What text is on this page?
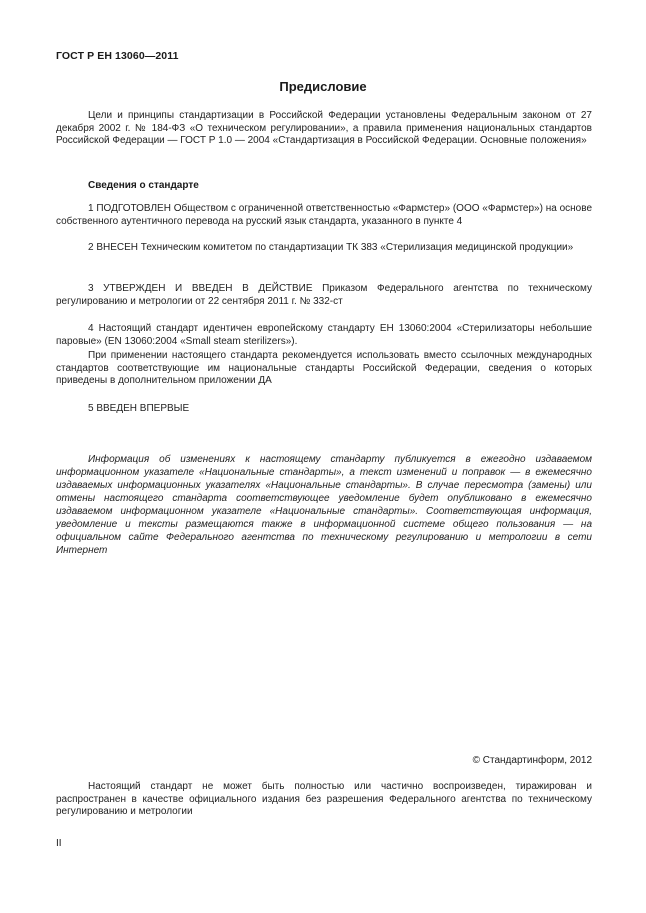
ГОСТ Р ЕН 13060—2011
Предисловие

Цели и принципы стандартизации в Российской Федерации установлены Федеральным законом от 27 декабря 2002 г. № 184-ФЗ «О техническом регулировании», а правила применения национальных стандартов Российской Федерации — ГОСТ Р 1.0 — 2004 «Стандартизация в Российской Федерации. Основные положения»

Сведения о стандарте

1 ПОДГОТОВЛЕН Обществом с ограниченной ответственностью «Фармстер» (ООО «Фармстер») на основе собственного аутентичного перевода на русский язык стандарта, указанного в пункте 4

2 ВНЕСЕН Техническим комитетом по стандартизации ТК 383 «Стерилизация медицинской продукции»

3 УТВЕРЖДЕН И ВВЕДЕН В ДЕЙСТВИЕ Приказом Федерального агентства по техническому регулированию и метрологии от 22 сентября 2011 г. № 332-ст

4 Настоящий стандарт идентичен европейскому стандарту ЕН 13060:2004 «Стерилизаторы небольшие паровые» (EN 13060:2004 «Small steam sterilizers»).

При применении настоящего стандарта рекомендуется использовать вместо ссылочных международных стандартов соответствующие им национальные стандарты Российской Федерации, сведения о которых приведены в дополнительном приложении ДА

5 ВВЕДЕН ВПЕРВЫЕ

Информация об изменениях к настоящему стандарту публикуется в ежегодно издаваемом информационном указателе «Национальные стандарты», а текст изменений и поправок — в ежемесячно издаваемых информационных указателях «Национальные стандарты». В случае пересмотра (замены) или отмены настоящего стандарта соответствующее уведомление будет опубликовано в ежемесячно издаваемом информационном указателе «Национальные стандарты». Соответствующая информация, уведомление и тексты размещаются также в информационной системе общего пользования — на официальном сайте Федерального агентства по техническому регулированию и метрологии в сети Интернет

© Стандартинформ, 2012

Настоящий стандарт не может быть полностью или частично воспроизведен, тиражирован и распространен в качестве официального издания без разрешения Федерального агентства по техническому регулированию и метрологии

II
